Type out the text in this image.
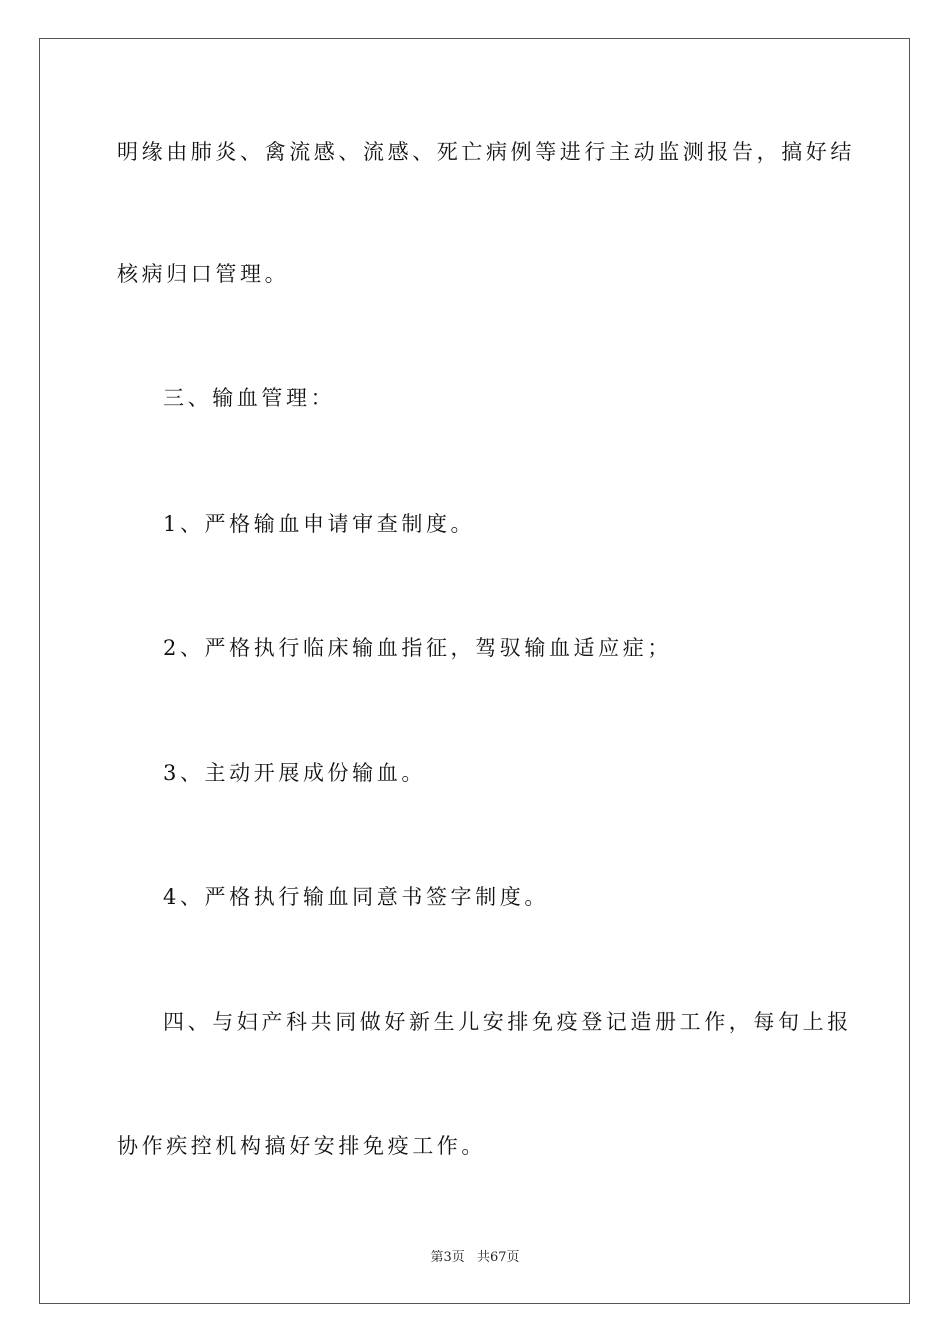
明缘由肺炎、禽流感、流感、死亡病例等进行主动监测报告，搞好结
核病归口管理。
三、输血管理：
1、严格输血申请审查制度。
2、严格执行临床输血指征，驾驭输血适应症；
3、主动开展成份输血。
4、严格执行输血同意书签字制度。
四、与妇产科共同做好新生儿安排免疫登记造册工作，每旬上报
协作疾控机构搞好安排免疫工作。
第3页 共67页
